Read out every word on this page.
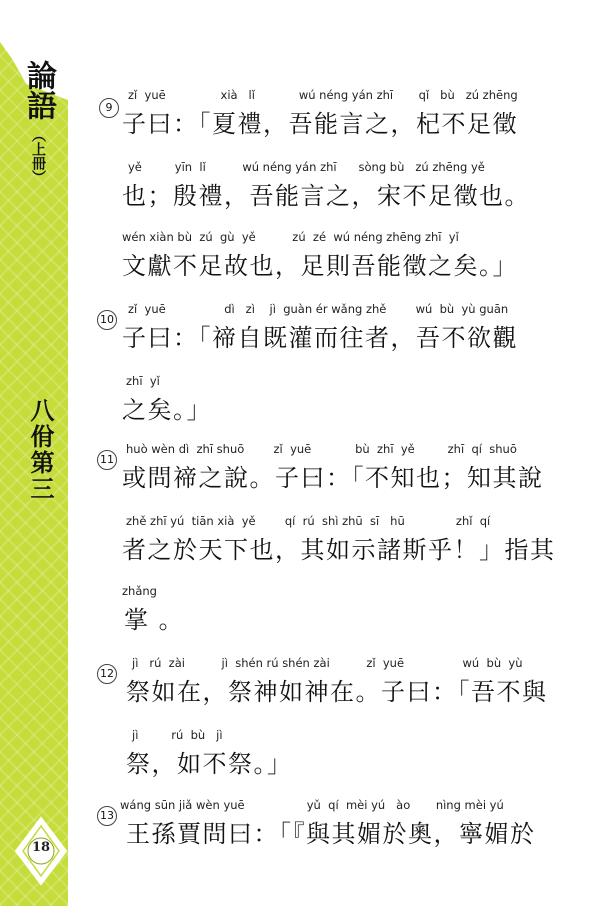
論語
（上冊）
八佾第三
18
9
zǐ  yuē               xià   lǐ            wú néng yán zhī       qǐ   bù   zú zhēng
子曰：「夏禮，吾能言之，杞不足徵
yě         yīn  lǐ          wú néng yán zhī      sòng bù   zú zhēng yě
也；殷禮，吾能言之，宋不足徵也。
wén xiàn bù  zú  gù  yě          zú  zé  wú néng zhēng zhī  yǐ
文獻不足故也，足則吾能徵之矣。」
10
zǐ  yuē                dì   zì    jì  guàn ér wǎng zhě        wú  bù  yù guān
子曰：「禘自既灌而往者，吾不欲觀
zhī  yǐ
之矣。」
11
huò wèn dì  zhī shuō        zǐ  yuē            bù  zhī  yě         zhī  qí  shuō
或問禘之說。子曰：「不知也；知其說
zhě zhī yú  tiān xià  yě        qí  rú  shì zhū  sī   hū              zhǐ  qí
者之於天下也，其如示諸斯乎！」指其
zhǎng
掌 。
12
jì   rú  zài          jì  shén rú shén zài          zǐ  yuē                wú  bù  yù
祭如在，祭神如神在。子曰：「吾不與
jì         rú  bù   jì
祭，如不祭。」
13
wáng sūn jiǎ wèn yuē                 yǔ  qí  mèi yú   ào       nìng mèi yú
王孫賈問曰：「『與其媚於奧，寧媚於
